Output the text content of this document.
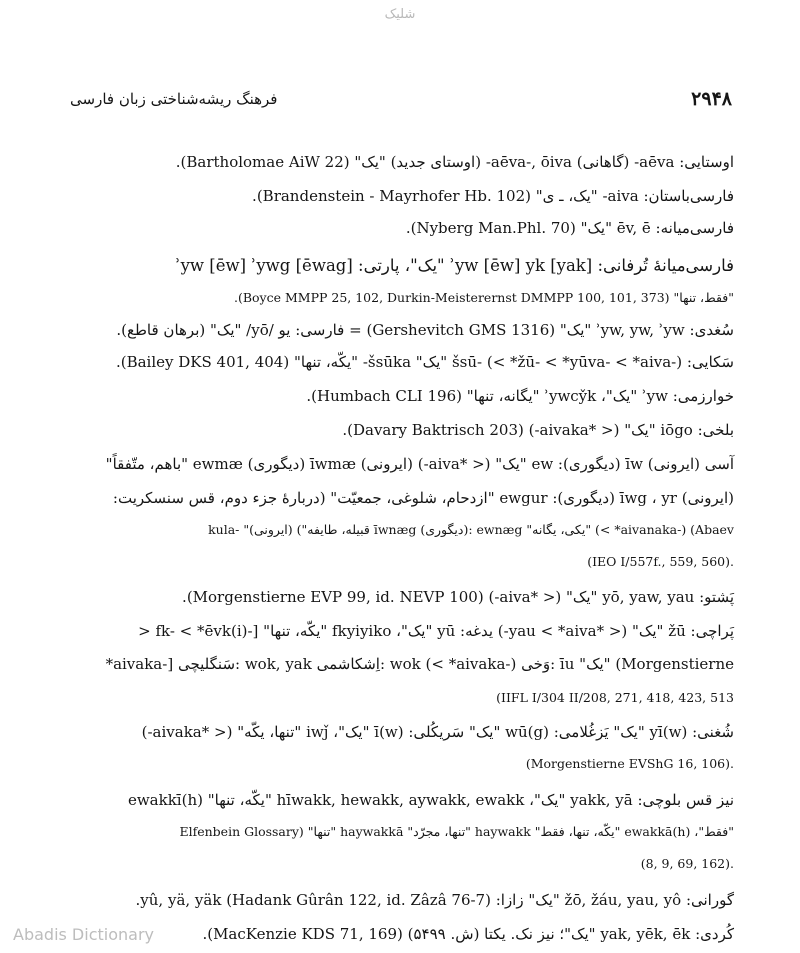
شلیک
۲۹۴۸
فرهنگ ریشه‌شناختی زبان فارسی
اوستایی: aēva- (گاهانی) aēva-, ōiva- (اوستای جدید) "یک" (Bartholomae AiW 22).
فارسی‌باستان: aiva- "یک، ـ ی" (Brandenstein - Mayrhofer Hb. 102).
فارسی‌میانه: ēv, ē "یک" (Nyberg Man.Phl. 70).
فارسی‌میانهٔ تُرفانی: ʾyw [ēw] yk [yak] "یک"، پارتی: ʾyw [ēw] ʾywg [ēwag]
"فقط، تنها" (Boyce MMPP 25, 102, Durkin-Meisterernst DMMPP 100, 101, 373).
سُغدی: ʾyw, yw, ʾyw "یک" (Gershevitch GMS 1316) = فارسی: یو /yō/ "یک" (برهان قاطع).
سَکایی: šsū- (< *žū- < *yūva- < *aiva-) "یک" šsūka- "یکّه، تنها" (Bailey DKS 401, 404).
خوارزمی: ʾyw "یک"، ʾywcy̌k "یگانه، تنها" (Humbach CLI 196).
بلخی: iōgo "یک" (< *aivaka-) (Davary Baktrisch 203).
آسی (ایرونی) īw (دیگوری): ew "یک" (< *aiva-) (ایرونی) īwmæ (دیگوری) ewmæ "باهم، متّفقاً"
(ایرونی) īwg ، yr (دیگوری): ewgur "ازدحام، شلوغی، جمعیّت" (دربارهٔ جزء دوم، قس سنسکریت:
kula- "قبیله، طایفه") (ایرونی) īwnæg (دیگوری): ewnæg "یکی، یگانه" (< *aivanaka-) (Abaev
(IEO I/557f., 559, 560).
پَشتو: yō, yaw, yau "یک" (< *aiva-) (Morgenstierne EVP 99, id. NEVP 100).
پَراچی: žū "یک" (< *yau < *aiva-) یدغه: yū "یک"، fkyiyiko "یکّه، تنها" [-(i)fk- < *ēvk <
*aivaka-] سَنگلیچی: wok, yak اِشکاشمی: wok (< *aivaka-) وَخی: īu "یک" (Morgenstierne
(IIFL I/304 II/208, 271, 418, 423, 513
شُغنی: yī(w) "یک" یَزغُلامی: wū(g) "یک" سَریکُلی: ī(w) "یک"، iwǰ "تنها، یکّه" (< *aivaka-)
(Morgenstierne EVShG 16, 106).
نیز قس بلوچی: yakk, yā "یک"، hīwakk, hewakk, aywakk, ewakk "یکّه، تنها" (h)ewakkī
"فقط"، (h)ewakkā "یکّه، تنها، فقط" haywakk "تنها، مجرّد" haywakkā "تنها" (Elfenbein Glossary
(8, 9, 69, 162).
گورانی: žō, žáu, yau, yô "یک" زازا: yû, yä, yäk (Hadank Gûrân 122, id. Zâzâ 76-7).
کُردی: yak, yēk, ēk "یک"؛ نیز نک. یکتا (ش. ۵۴۹۹) (MacKenzie KDS 71, 169).
Abadis Dictionary
